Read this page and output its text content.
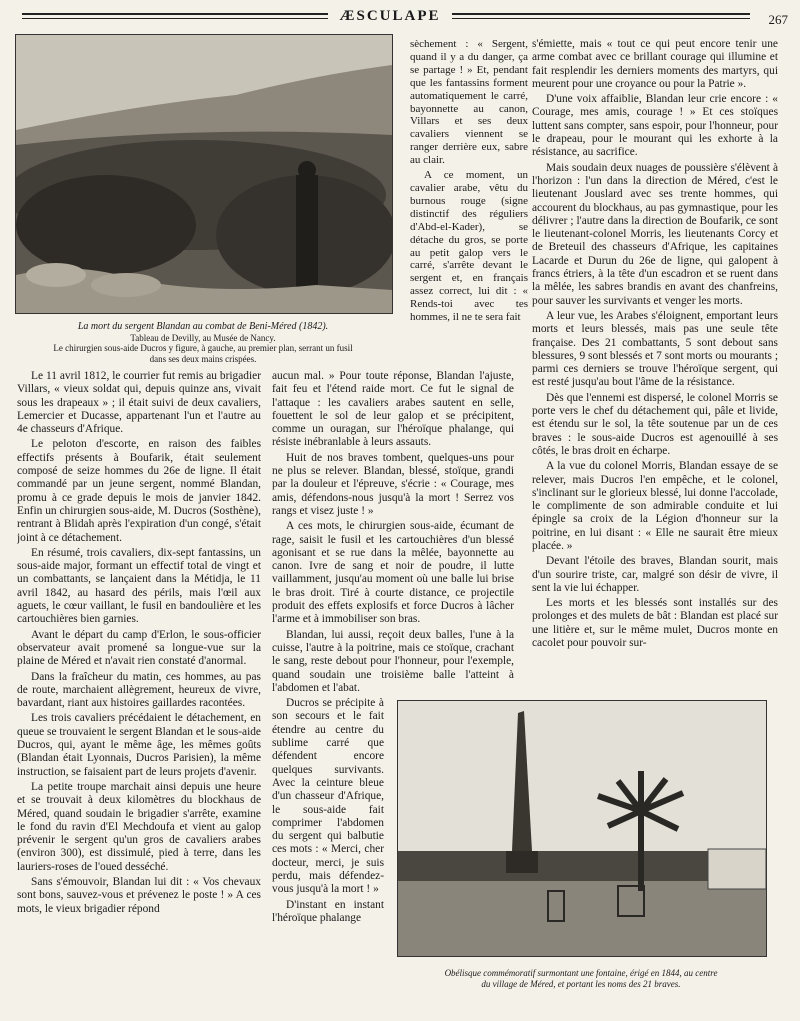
ÆSCULAPE	267
La mort du sergent Blandan au combat de Beni-Méred (1842).
Tableau de Devilly, au Musée de Nancy.
Le chirurgien sous-aide Ducros y figure, à gauche, au premier plan, serrant un fusil
dans ses deux mains crispées.

sèchement : « Sergent, quand il y a du danger, ça se partage ! » Et, pendant que les fantassins forment automatiquement le carré, bayonnette au canon, Villars et ses deux cavaliers viennent se ranger derrière eux, sabre au clair.

A ce moment, un cavalier arabe, vêtu du burnous rouge (signe distinctif des réguliers d'Abd-el-Kader), se détache du gros, se porte au petit galop vers le carré, s'arrête devant le sergent et, en français assez correct, lui dit : « Rends-toi avec tes hommes, il ne te sera fait

Le 11 avril 1812, le courrier fut remis au brigadier Villars, « vieux soldat qui, depuis quinze ans, vivait sous les drapeaux » ; il était suivi de deux cavaliers, Lemercier et Ducasse, appartenant l'un et l'autre au 4e chasseurs d'Afrique.

Le peloton d'escorte, en raison des faibles effectifs présents à Boufarik, était seulement composé de seize hommes du 26e de ligne. Il était commandé par un jeune sergent, nommé Blandan, promu à ce grade depuis le mois de janvier 1842. Enfin un chirurgien sous-aide, M. Ducros (Sosthène), rentrant à Blidah après l'expiration d'un congé, s'était joint à ce détachement.

En résumé, trois cavaliers, dix-sept fantassins, un sous-aide major, formant un effectif total de vingt et un combattants, se lançaient dans la Métidja, le 11 avril 1842, au hasard des périls, mais l'œil aux aguets, le cœur vaillant, le fusil en bandoulière et les cartouchières bien garnies.

Avant le départ du camp d'Erlon, le sous-officier observateur avait promené sa longue-vue sur la plaine de Méred et n'avait rien constaté d'anormal.

Dans la fraîcheur du matin, ces hommes, au pas de route, marchaient allègrement, heureux de vivre, bavardant, riant aux histoires gaillardes racontées.

Les trois cavaliers précédaient le détachement, en queue se trouvaient le sergent Blandan et le sous-aide Ducros, qui, ayant le même âge, les mêmes goûts (Blandan était Lyonnais, Ducros Parisien), la même instruction, se faisaient part de leurs projets d'avenir.

La petite troupe marchait ainsi depuis une heure et se trouvait à deux kilomètres du blockhaus de Méred, quand soudain le brigadier s'arrête, examine le fond du ravin d'El Mechdoufa et vient au galop prévenir le sergent qu'un gros de cavaliers arabes (environ 300), est dissimulé, pied à terre, dans les lauriers-roses de l'oued desséché.

Sans s'émouvoir, Blandan lui dit : « Vos chevaux sont bons, sauvez-vous et prévenez le poste ! » A ces mots, le vieux brigadier répond

aucun mal. » Pour toute réponse, Blandan l'ajuste, fait feu et l'étend raide mort. Ce fut le signal de l'attaque : les cavaliers arabes sautent en selle, fouettent le sol de leur galop et se précipitent, comme un ouragan, sur l'héroïque phalange, qui résiste inébranlable à leurs assauts.

Huit de nos braves tombent, quelques-uns pour ne plus se relever. Blandan, blessé, stoïque, grandi par la douleur et l'épreuve, s'écrie : « Courage, mes amis, défendons-nous jusqu'à la mort ! Serrez vos rangs et visez juste ! »

A ces mots, le chirurgien sous-aide, écumant de rage, saisit le fusil et les cartouchières d'un blessé agonisant et se rue dans la mêlée, bayonnette au canon. Ivre de sang et noir de poudre, il lutte vaillamment, jusqu'au moment où une balle lui brise le bras droit. Tiré à courte distance, ce projectile produit des effets explosifs et force Ducros à lâcher l'arme et à immobiliser son bras.

Blandan, lui aussi, reçoit deux balles, l'une à la cuisse, l'autre à la poitrine, mais ce stoïque, crachant le sang, reste debout pour l'honneur, pour l'exemple, quand soudain une troisième balle l'atteint à l'abdomen et l'abat.

Ducros se précipite à son secours et le fait étendre au centre du sublime carré que défendent encore quelques survivants. Avec la ceinture bleue d'un chasseur d'Afrique, le sous-aide fait comprimer l'abdomen du sergent qui balbutie ces mots : « Merci, cher docteur, merci, je suis perdu, mais défendez-vous jusqu'à la mort ! »

D'instant en instant l'héroïque phalange

s'émiette, mais « tout ce qui peut encore tenir une arme combat avec ce brillant courage qui illumine et fait resplendir les derniers moments des martyrs, qui meurent pour une croyance ou pour la Patrie ».

D'une voix affaiblie, Blandan leur crie encore : « Courage, mes amis, courage ! » Et ces stoïques luttent sans compter, sans espoir, pour l'honneur, pour le drapeau, pour le mourant qui les exhorte à la résistance, au sacrifice.

Mais soudain deux nuages de poussière s'élèvent à l'horizon : l'un dans la direction de Méred, c'est le lieutenant Jouslard avec ses trente hommes, qui accourent du blockhaus, au pas gymnastique, pour les délivrer ; l'autre dans la direction de Boufarik, ce sont le lieutenant-colonel Morris, les lieutenants Corcy et de Breteuil des chasseurs d'Afrique, les capitaines Lacarde et Durun du 26e de ligne, qui galopent à francs étriers, à la tête d'un escadron et se ruent dans la mêlée, les sabres brandis en avant des chanfreins, pour sauver les survivants et venger les morts.

A leur vue, les Arabes s'éloignent, emportant leurs morts et leurs blessés, mais pas une seule tête française. Des 21 combattants, 5 sont debout sans blessures, 9 sont blessés et 7 sont morts ou mourants ; parmi ces derniers se trouve l'héroïque sergent, qui est resté jusqu'au bout l'âme de la résistance.

Dès que l'ennemi est dispersé, le colonel Morris se porte vers le chef du détachement qui, pâle et livide, est étendu sur le sol, la tête soutenue par un de ces braves : le sous-aide Ducros est agenouillé à ses côtés, le bras droit en écharpe.

A la vue du colonel Morris, Blandan essaye de se relever, mais Ducros l'en empêche, et le colonel, s'inclinant sur le glorieux blessé, lui donne l'accolade, le complimente de son admirable conduite et lui épingle sa croix de la Légion d'honneur sur la poitrine, en lui disant : « Elle ne saurait être mieux placée. »

Devant l'étoile des braves, Blandan sourit, mais d'un sourire triste, car, malgré son désir de vivre, il sent la vie lui échapper.

Les morts et les blessés sont installés sur des prolonges et des mulets de bât : Blandan est placé sur une litière et, sur le même mulet, Ducros monte en cacolet pour pouvoir sur-

Obélisque commémoratif surmontant une fontaine, érigé en 1844, au centre
du village de Méred, et portant les noms des 21 braves.
